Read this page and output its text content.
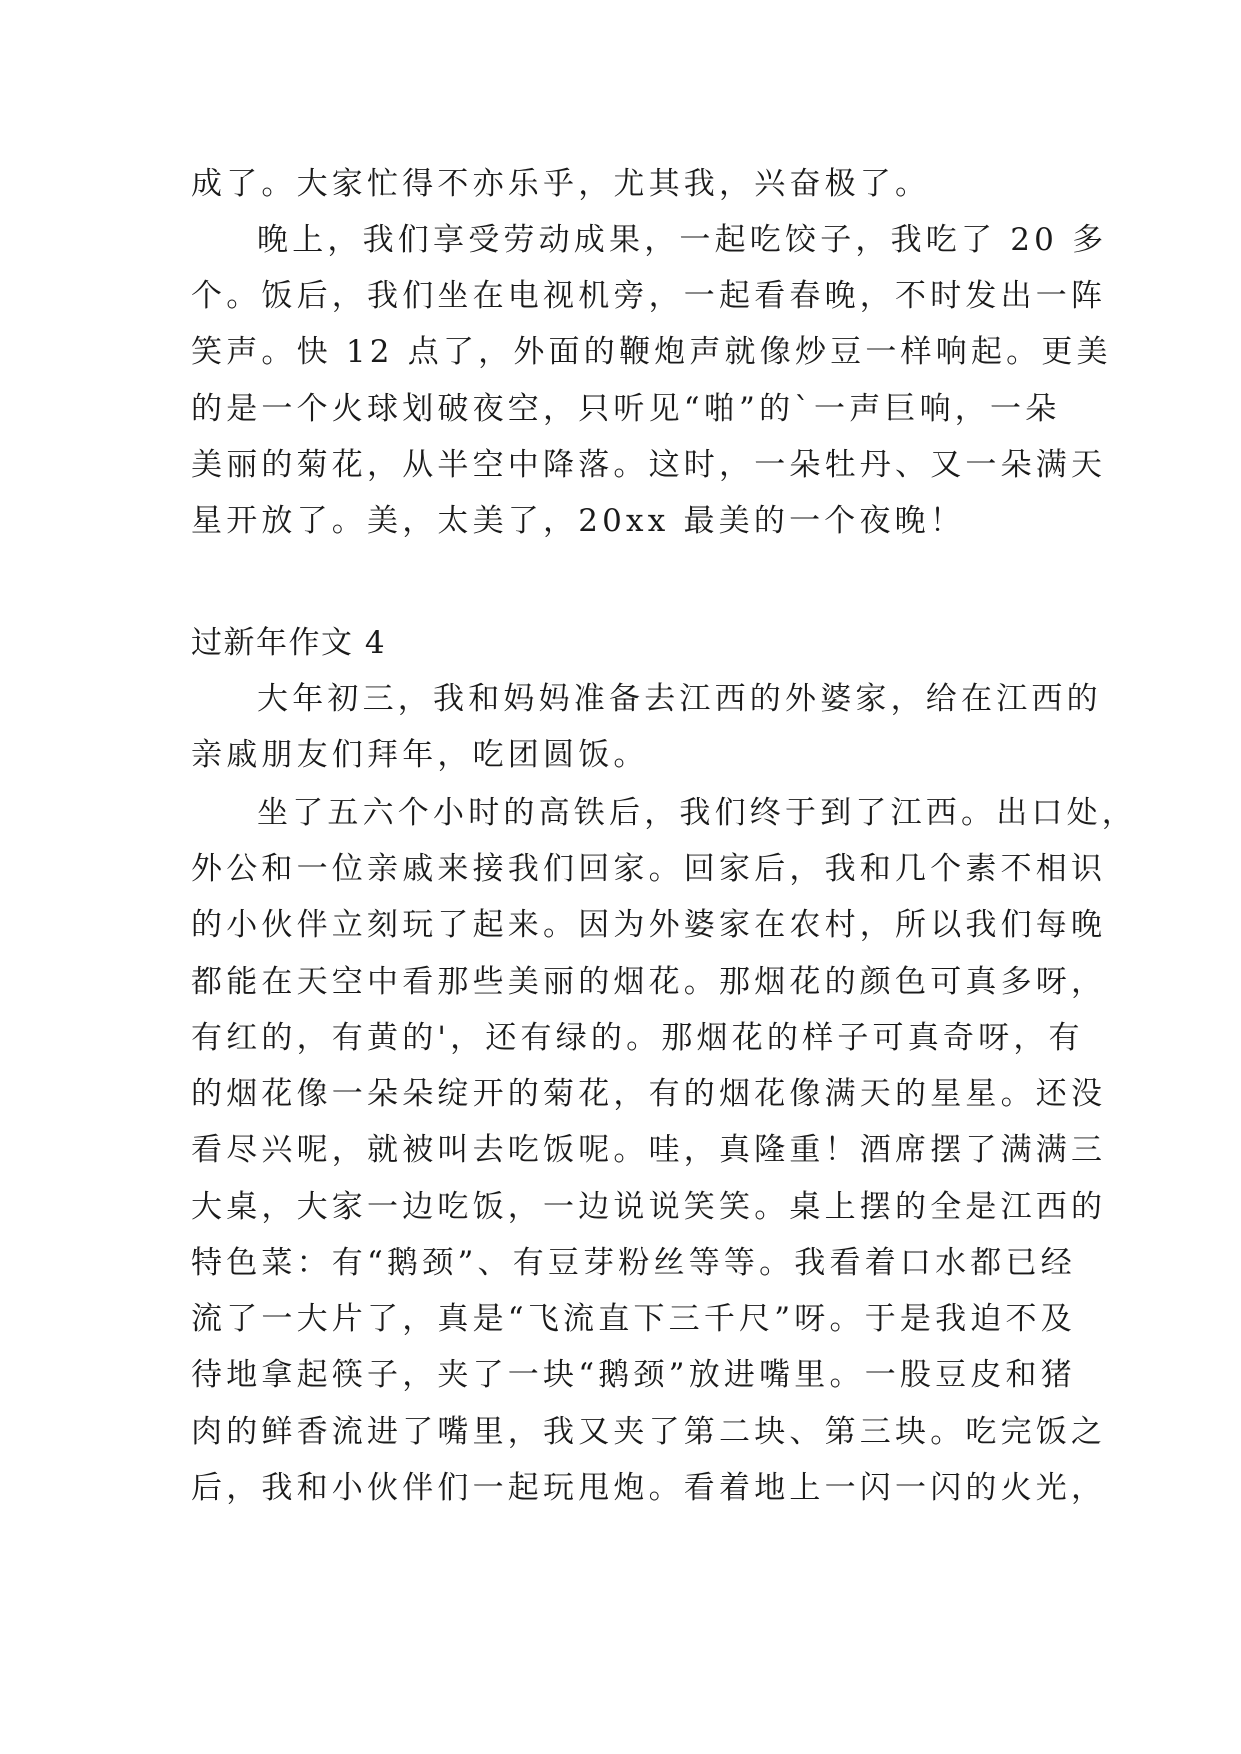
成了。大家忙得不亦乐乎，尤其我，兴奋极了。
晚上，我们享受劳动成果，一起吃饺子，我吃了 20 多
个。饭后，我们坐在电视机旁，一起看春晚，不时发出一阵
笑声。快 12 点了，外面的鞭炮声就像炒豆一样响起。更美
的是一个火球划破夜空，只听见“啪”的`一声巨响，一朵
美丽的菊花，从半空中降落。这时，一朵牡丹、又一朵满天
星开放了。美，太美了，20xx 最美的一个夜晚！
过新年作文 4
大年初三，我和妈妈准备去江西的外婆家，给在江西的
亲戚朋友们拜年，吃团圆饭。
坐了五六个小时的高铁后，我们终于到了江西。出口处，
外公和一位亲戚来接我们回家。回家后，我和几个素不相识
的小伙伴立刻玩了起来。因为外婆家在农村，所以我们每晚
都能在天空中看那些美丽的烟花。那烟花的颜色可真多呀，
有红的，有黄的'，还有绿的。那烟花的样子可真奇呀，有
的烟花像一朵朵绽开的菊花，有的烟花像满天的星星。还没
看尽兴呢，就被叫去吃饭呢。哇，真隆重！酒席摆了满满三
大桌，大家一边吃饭，一边说说笑笑。桌上摆的全是江西的
特色菜：有“鹅颈”、有豆芽粉丝等等。我看着口水都已经
流了一大片了，真是“飞流直下三千尺”呀。于是我迫不及
待地拿起筷子，夹了一块“鹅颈”放进嘴里。一股豆皮和猪
肉的鲜香流进了嘴里，我又夹了第二块、第三块。吃完饭之
后，我和小伙伴们一起玩甩炮。看着地上一闪一闪的火光，
